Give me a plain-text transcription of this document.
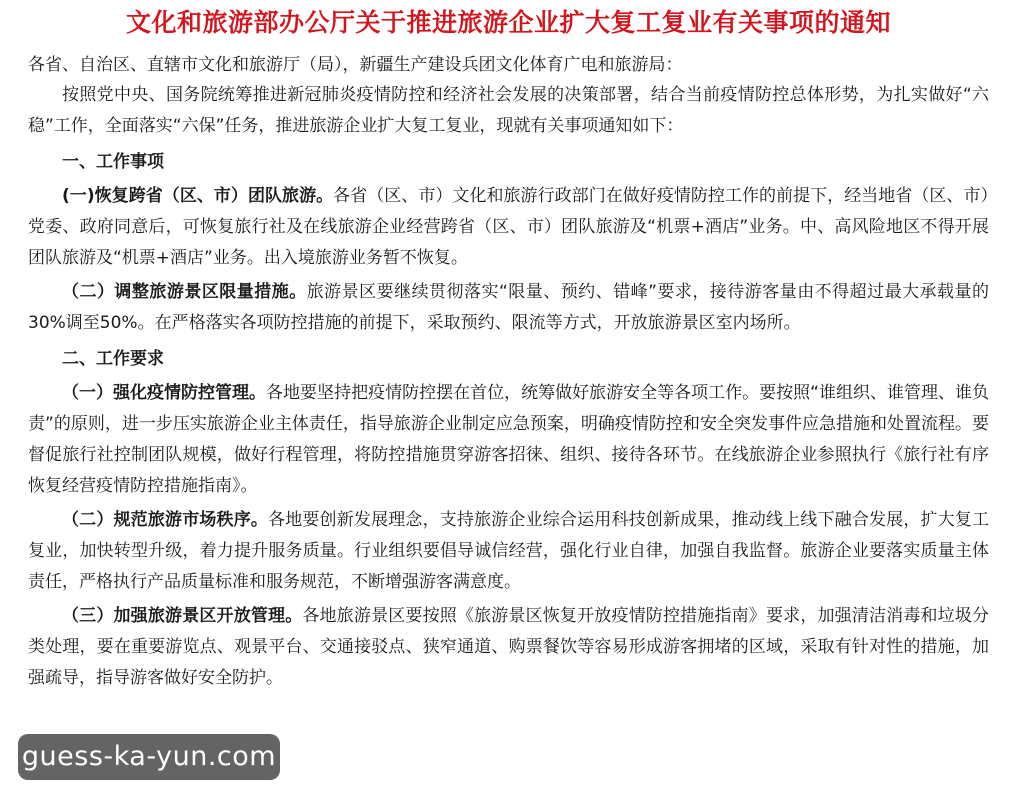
文化和旅游部办公厅关于推进旅游企业扩大复工复业有关事项的通知
各省、自治区、直辖市文化和旅游厅（局），新疆生产建设兵团文化体育广电和旅游局：

按照党中央、国务院统筹推进新冠肺炎疫情防控和经济社会发展的决策部署，结合当前疫情防控总体形势，为扎实做好“六稳”工作，全面落实“六保”任务，推进旅游企业扩大复工复业，现就有关事项通知如下：

一、工作事项

(一)恢复跨省（区、市）团队旅游。各省（区、市）文化和旅游行政部门在做好疫情防控工作的前提下，经当地省（区、市）党委、政府同意后，可恢复旅行社及在线旅游企业经营跨省（区、市）团队旅游及“机票+酒店”业务。中、高风险地区不得开展团队旅游及“机票+酒店”业务。出入境旅游业务暂不恢复。

（二）调整旅游景区限量措施。旅游景区要继续贯彻落实“限量、预约、错峰”要求，接待游客量由不得超过最大承载量的30%调至50%。在严格落实各项防控措施的前提下，采取预约、限流等方式，开放旅游景区室内场所。

二、工作要求

（一）强化疫情防控管理。各地要坚持把疫情防控摆在首位，统筹做好旅游安全等各项工作。要按照“谁组织、谁管理、谁负责”的原则，进一步压实旅游企业主体责任，指导旅游企业制定应急预案，明确疫情防控和安全突发事件应急措施和处置流程。要督促旅行社控制团队规模，做好行程管理，将防控措施贯穿游客招徕、组织、接待各环节。在线旅游企业参照执行《旅行社有序恢复经营疫情防控措施指南》。

（二）规范旅游市场秩序。各地要创新发展理念，支持旅游企业综合运用科技创新成果，推动线上线下融合发展，扩大复工复业，加快转型升级，着力提升服务质量。行业组织要倡导诚信经营，强化行业自律，加强自我监督。旅游企业要落实质量主体责任，严格执行产品质量标准和服务规范，不断增强游客满意度。

（三）加强旅游景区开放管理。各地旅游景区要按照《旅游景区恢复开放疫情防控措施指南》要求，加强清洁消毒和垃圾分类处理，要在重要游览点、观景平台、交通接驳点、狭窄通道、购票餐饮等容易形成游客拥堵的区域，采取有针对性的措施，加强疏导，指导游客做好安全防护。

guess-ka-yun.com
